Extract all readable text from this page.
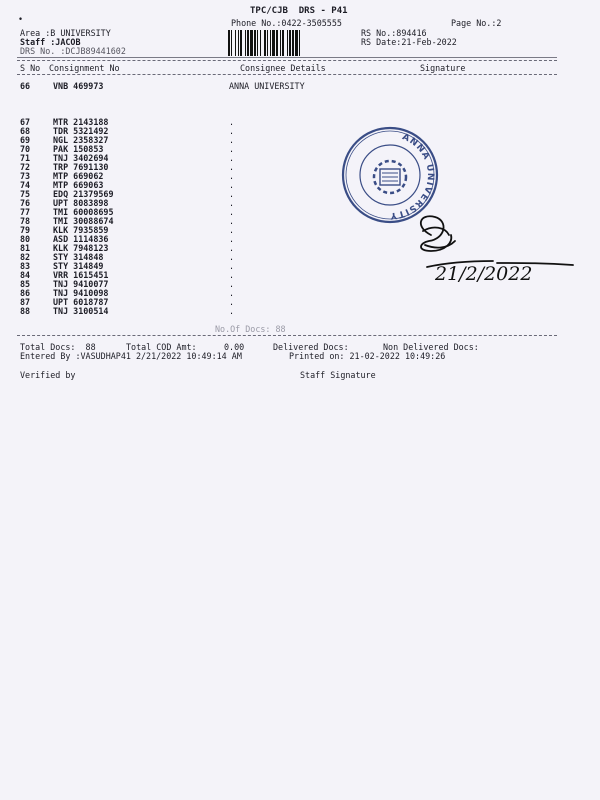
•
TPC/CJB  DRS - P41
Phone No.:0422-3505555	Page No.:2
Area :B UNIVERSITY
Staff :JACOB
DRS No. :DCJB89441602
RS No.:894416
RS Date:21-Feb-2022
S No Consignment No	Consignee Details	Signature
66	VNB 469973	ANNA UNIVERSITY
67	MTR 2143188	.
68	TDR 5321492	.
69	NGL 2358327	.
70	PAK 150853	.
71	TNJ 3402694	.
72	TRP 7691130	.
73	MTP 669062	.
74	MTP 669063	.
75	EDQ 21379569	.
76	UPT 8083898	.
77	TMI 60008695	.
78	TMI 30088674	.
79	KLK 7935859	.
80	ASD 1114836	.
81	KLK 7948123	.
82	STY 314848	.
83	STY 314849	.
84	VRR 1615451	.
85	TNJ 9410077	.
86	TNJ 9410098	.
87	UPT 6018787	.
88	TNJ 3100514	.
No.Of Docs: 88
Total Docs:  88	Total COD Amt:	0.00	Delivered Docs:	Non Delivered Docs:
Entered By :VASUDHAP41 2/21/2022 10:49:14 AM	Printed on: 21-02-2022 10:49:26
Verified by	Staff Signature
ANNA UNIVERSITY
21/2/2022
